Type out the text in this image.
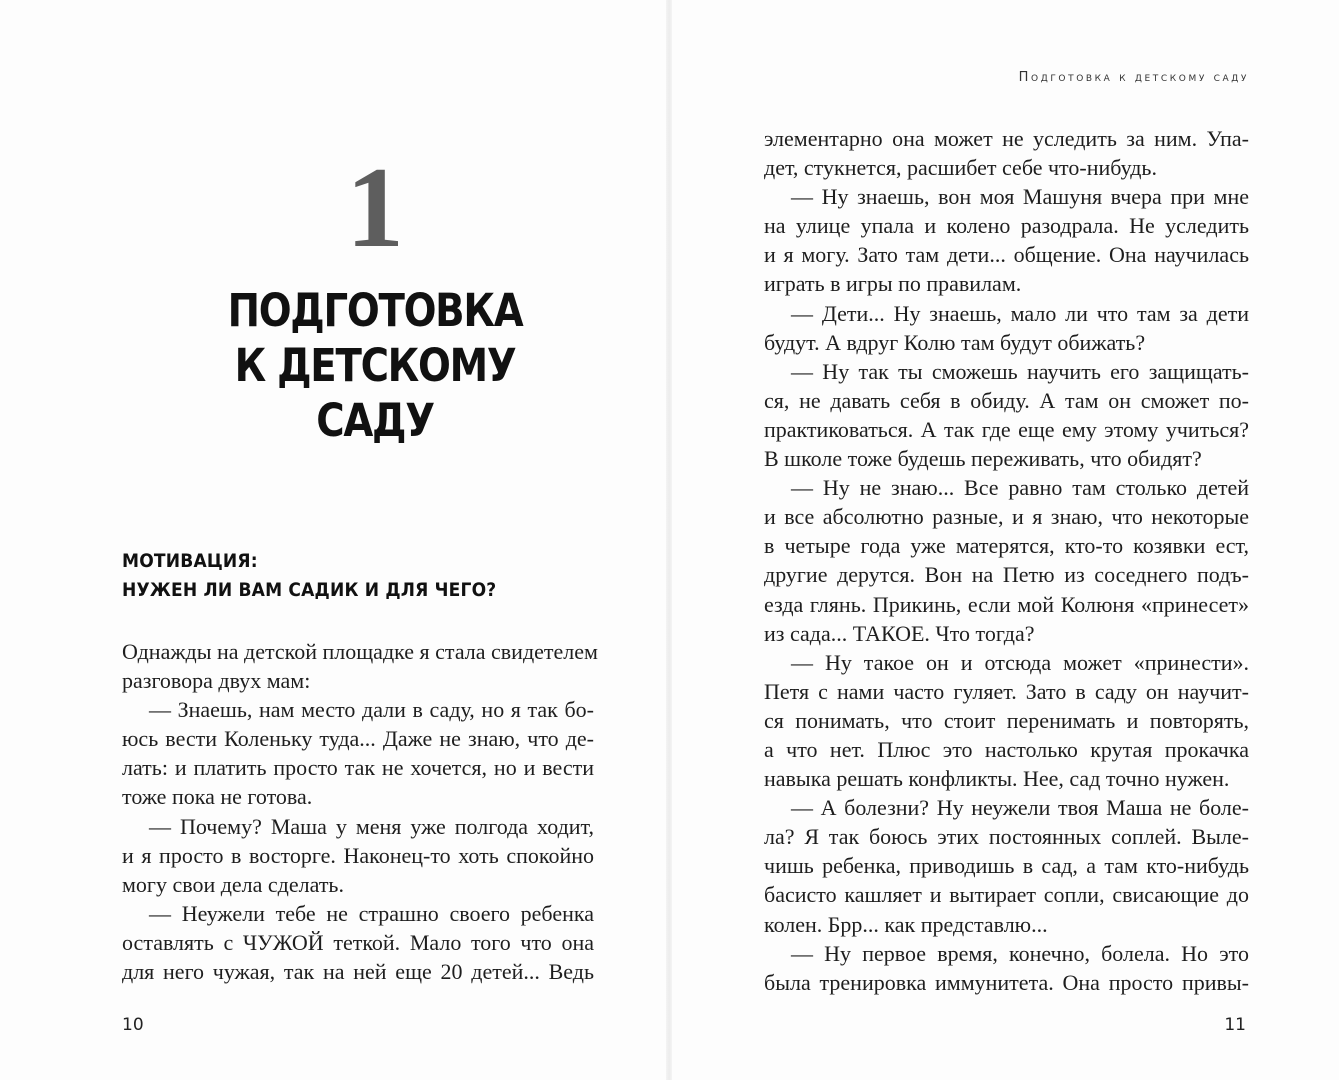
1
ПОДГОТОВКА
К ДЕТСКОМУ САДУ
МОТИВАЦИЯ:
НУЖЕН ЛИ ВАМ САДИК И ДЛЯ ЧЕГО?
Однажды на детской площадке я стала свидетелем
разговора двух мам:
— Знаешь, нам место дали в саду, но я так бо-
юсь вести Коленьку туда... Даже не знаю, что де-
лать: и платить просто так не хочется, но и вести
тоже пока не готова.
— Почему? Маша у меня уже полгода ходит,
и я просто в восторге. Наконец-то хоть спокойно
могу свои дела сделать.
— Неужели тебе не страшно своего ребенка
оставлять с ЧУЖОЙ теткой. Мало того что она
для него чужая, так на ней еще 20 детей... Ведь
10
Подготовка к детскому саду
элементарно она может не уследить за ним. Упа-
дет, стукнется, расшибет себе что-нибудь.
— Ну знаешь, вон моя Машуня вчера при мне
на улице упала и колено разодрала. Не уследить
и я могу. Зато там дети... общение. Она научилась
играть в игры по правилам.
— Дети... Ну знаешь, мало ли что там за дети
будут. А вдруг Колю там будут обижать?
— Ну так ты сможешь научить его защищать-
ся, не давать себя в обиду. А там он сможет по-
практиковаться. А так где еще ему этому учиться?
В школе тоже будешь переживать, что обидят?
— Ну не знаю... Все равно там столько детей
и все абсолютно разные, и я знаю, что некоторые
в четыре года уже матерятся, кто-то козявки ест,
другие дерутся. Вон на Петю из соседнего подъ-
езда глянь. Прикинь, если мой Колюня «принесет»
из сада... ТАКОЕ. Что тогда?
— Ну такое он и отсюда может «принести».
Петя с нами часто гуляет. Зато в саду он научит-
ся понимать, что стоит перенимать и повторять,
а что нет. Плюс это настолько крутая прокачка
навыка решать конфликты. Нее, сад точно нужен.
— А болезни? Ну неужели твоя Маша не боле-
ла? Я так боюсь этих постоянных соплей. Выле-
чишь ребенка, приводишь в сад, а там кто-нибудь
басисто кашляет и вытирает сопли, свисающие до
колен. Брр... как представлю...
— Ну первое время, конечно, болела. Но это
была тренировка иммунитета. Она просто привы-
11
